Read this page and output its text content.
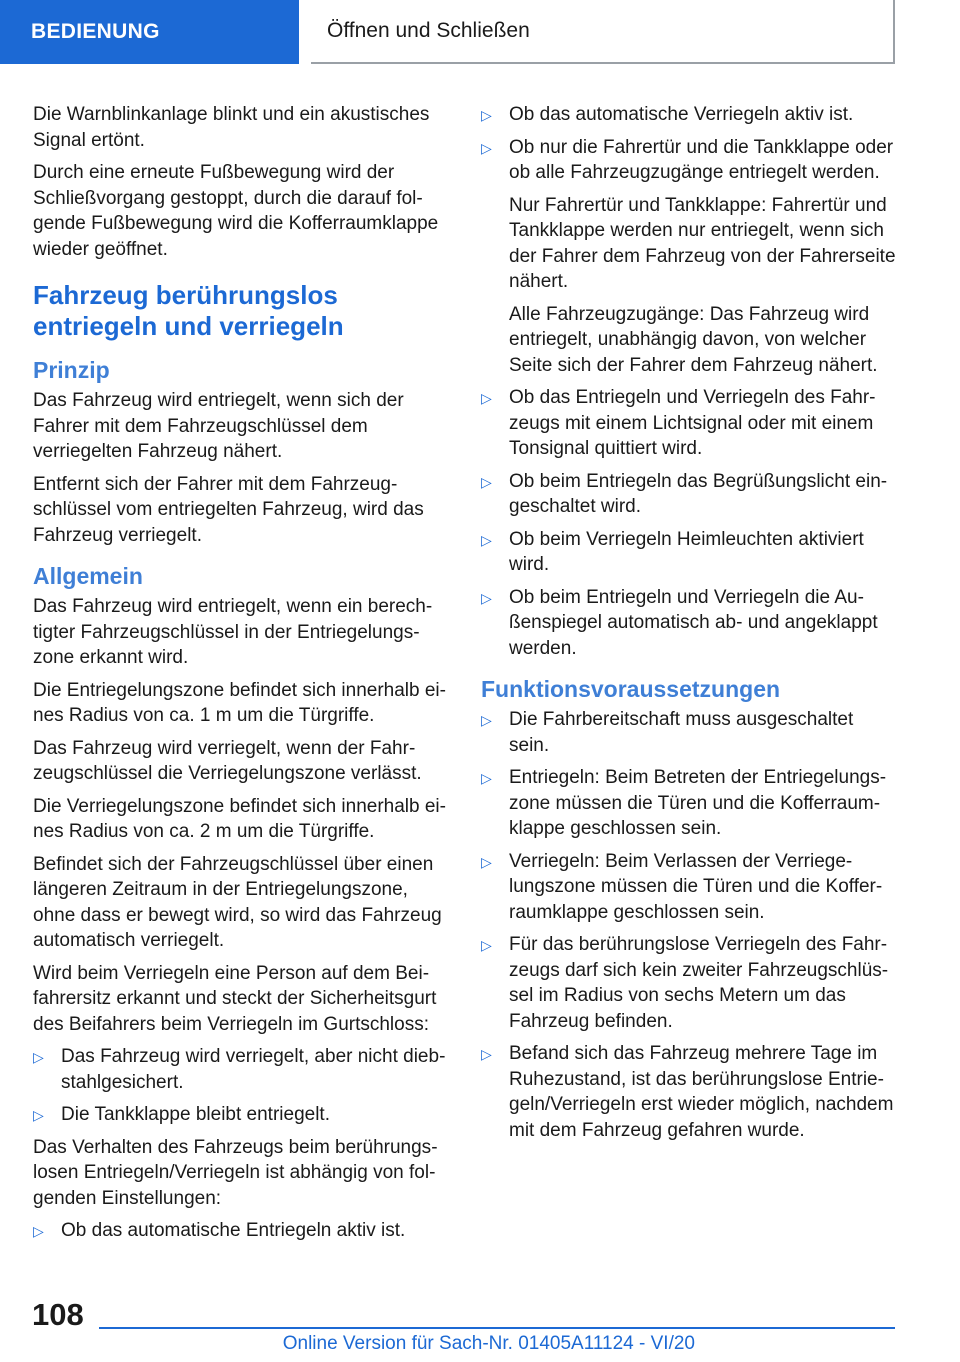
BEDIENUNG	Öffnen und Schließen

Die Warnblinkanlage blinkt und ein akustisches Signal ertönt.

Durch eine erneute Fußbewegung wird der Schließvorgang gestoppt, durch die darauf folgende Fußbewegung wird die Kofferraumklappe wieder geöffnet.

Fahrzeug berührungslos entriegeln und verriegeln
Prinzip

Das Fahrzeug wird entriegelt, wenn sich der Fahrer mit dem Fahrzeugschlüssel dem verriegelten Fahrzeug nähert.

Entfernt sich der Fahrer mit dem Fahrzeugschlüssel vom entriegelten Fahrzeug, wird das Fahrzeug verriegelt.

Allgemein

Das Fahrzeug wird entriegelt, wenn ein berechtigter Fahrzeugschlüssel in der Entriegelungszone erkannt wird.

Die Entriegelungszone befindet sich innerhalb eines Radius von ca. 1 m um die Türgriffe.

Das Fahrzeug wird verriegelt, wenn der Fahrzeugschlüssel die Verriegelungszone verlässt.

Die Verriegelungszone befindet sich innerhalb eines Radius von ca. 2 m um die Türgriffe.

Befindet sich der Fahrzeugschlüssel über einen längeren Zeitraum in der Entriegelungszone, ohne dass er bewegt wird, so wird das Fahrzeug automatisch verriegelt.

Wird beim Verriegeln eine Person auf dem Beifahrersitz erkannt und steckt der Sicherheitsgurt des Beifahrers beim Verriegeln im Gurtschloss:

▷ Das Fahrzeug wird verriegelt, aber nicht diebstahlgesichert.
▷ Die Tankklappe bleibt entriegelt.

Das Verhalten des Fahrzeugs beim berührungslosen Entriegeln/Verriegeln ist abhängig von folgenden Einstellungen:

▷ Ob das automatische Entriegeln aktiv ist.
▷ Ob das automatische Verriegeln aktiv ist.
▷ Ob nur die Fahrertür und die Tankklappe oder ob alle Fahrzeugzugänge entriegelt werden.
Nur Fahrertür und Tankklappe: Fahrertür und Tankklappe werden nur entriegelt, wenn sich der Fahrer dem Fahrzeug von der Fahrerseite nähert.
Alle Fahrzeugzugänge: Das Fahrzeug wird entriegelt, unabhängig davon, von welcher Seite sich der Fahrer dem Fahrzeug nähert.
▷ Ob das Entriegeln und Verriegeln des Fahrzeugs mit einem Lichtsignal oder mit einem Tonsignal quittiert wird.
▷ Ob beim Entriegeln das Begrüßungslicht eingeschaltet wird.
▷ Ob beim Verriegeln Heimleuchten aktiviert wird.
▷ Ob beim Entriegeln und Verriegeln die Außenspiegel automatisch ab- und angeklappt werden.
Funktionsvoraussetzungen
▷ Die Fahrbereitschaft muss ausgeschaltet sein.
▷ Entriegeln: Beim Betreten der Entriegelungszone müssen die Türen und die Kofferraumklappe geschlossen sein.
▷ Verriegeln: Beim Verlassen der Verriegelungszone müssen die Türen und die Kofferraumklappe geschlossen sein.
▷ Für das berührungslose Verriegeln des Fahrzeugs darf sich kein zweiter Fahrzeugschlüssel im Radius von sechs Metern um das Fahrzeug befinden.
▷ Befand sich das Fahrzeug mehrere Tage im Ruhezustand, ist das berührungslose Entriegeln/Verriegeln erst wieder möglich, nachdem mit dem Fahrzeug gefahren wurde.
108
Online Version für Sach-Nr. 01405A11124 - VI/20
